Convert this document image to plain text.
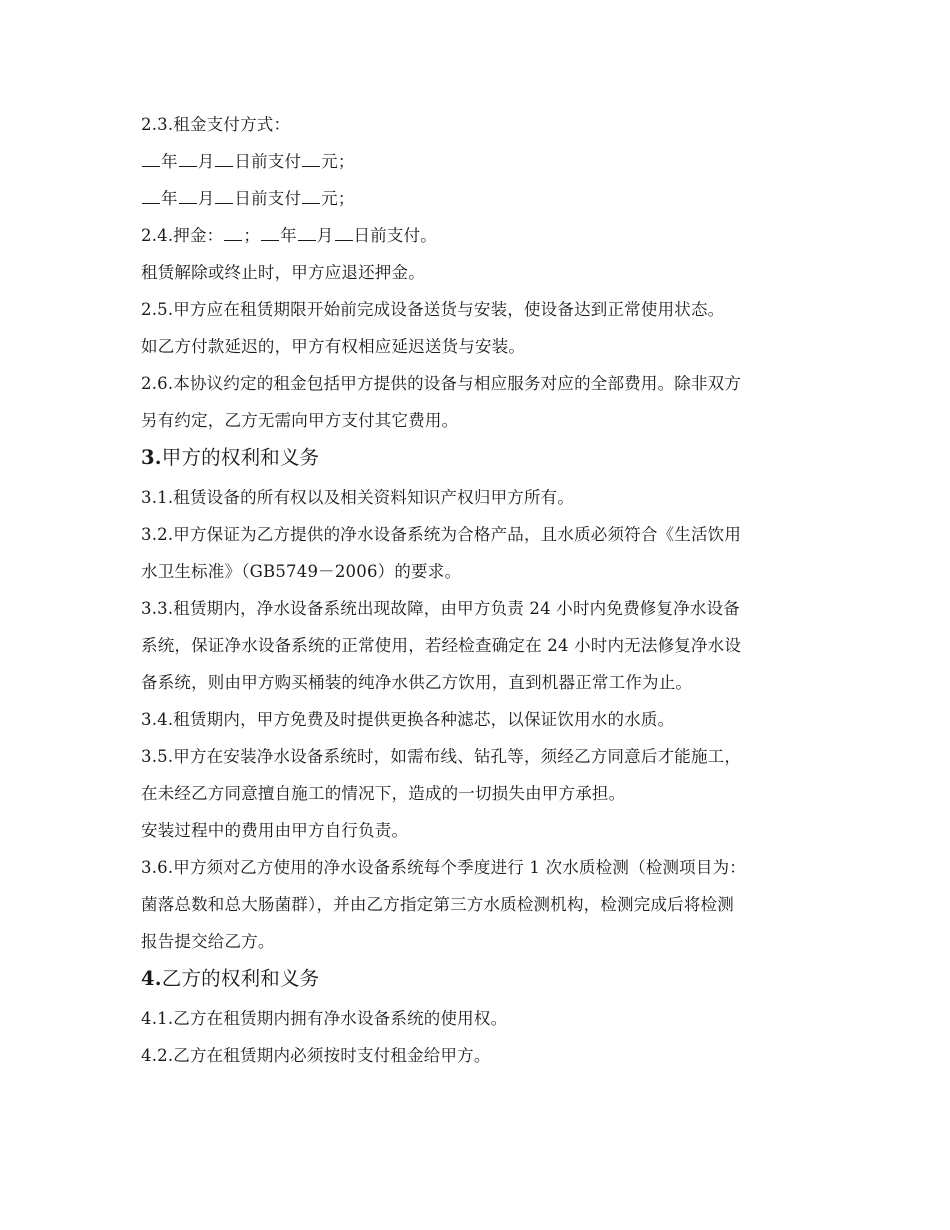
2.3.租金支付方式：
年 月 日前支付 元；
年 月 日前支付 元；
2.4.押金： ； 年 月 日前支付。
租赁解除或终止时，甲方应退还押金。
2.5.甲方应在租赁期限开始前完成设备送货与安装，使设备达到正常使用状态。
如乙方付款延迟的，甲方有权相应延迟送货与安装。
2.6.本协议约定的租金包括甲方提供的设备与相应服务对应的全部费用。除非双方
另有约定，乙方无需向甲方支付其它费用。
3.甲方的权利和义务
3.1.租赁设备的所有权以及相关资料知识产权归甲方所有。
3.2.甲方保证为乙方提供的净水设备系统为合格产品，且水质必须符合《生活饮用
水卫生标准》（GB5749－2006）的要求。
3.3.租赁期内，净水设备系统出现故障，由甲方负责 24 小时内免费修复净水设备
系统，保证净水设备系统的正常使用，若经检查确定在 24 小时内无法修复净水设
备系统，则由甲方购买桶装的纯净水供乙方饮用，直到机器正常工作为止。
3.4.租赁期内，甲方免费及时提供更换各种滤芯，以保证饮用水的水质。
3.5.甲方在安装净水设备系统时，如需布线、钻孔等，须经乙方同意后才能施工，
在未经乙方同意擅自施工的情况下，造成的一切损失由甲方承担。
安装过程中的费用由甲方自行负责。
3.6.甲方须对乙方使用的净水设备系统每个季度进行 1 次水质检测（检测项目为：
菌落总数和总大肠菌群），并由乙方指定第三方水质检测机构，检测完成后将检测
报告提交给乙方。
4.乙方的权利和义务
4.1.乙方在租赁期内拥有净水设备系统的使用权。
4.2.乙方在租赁期内必须按时支付租金给甲方。
